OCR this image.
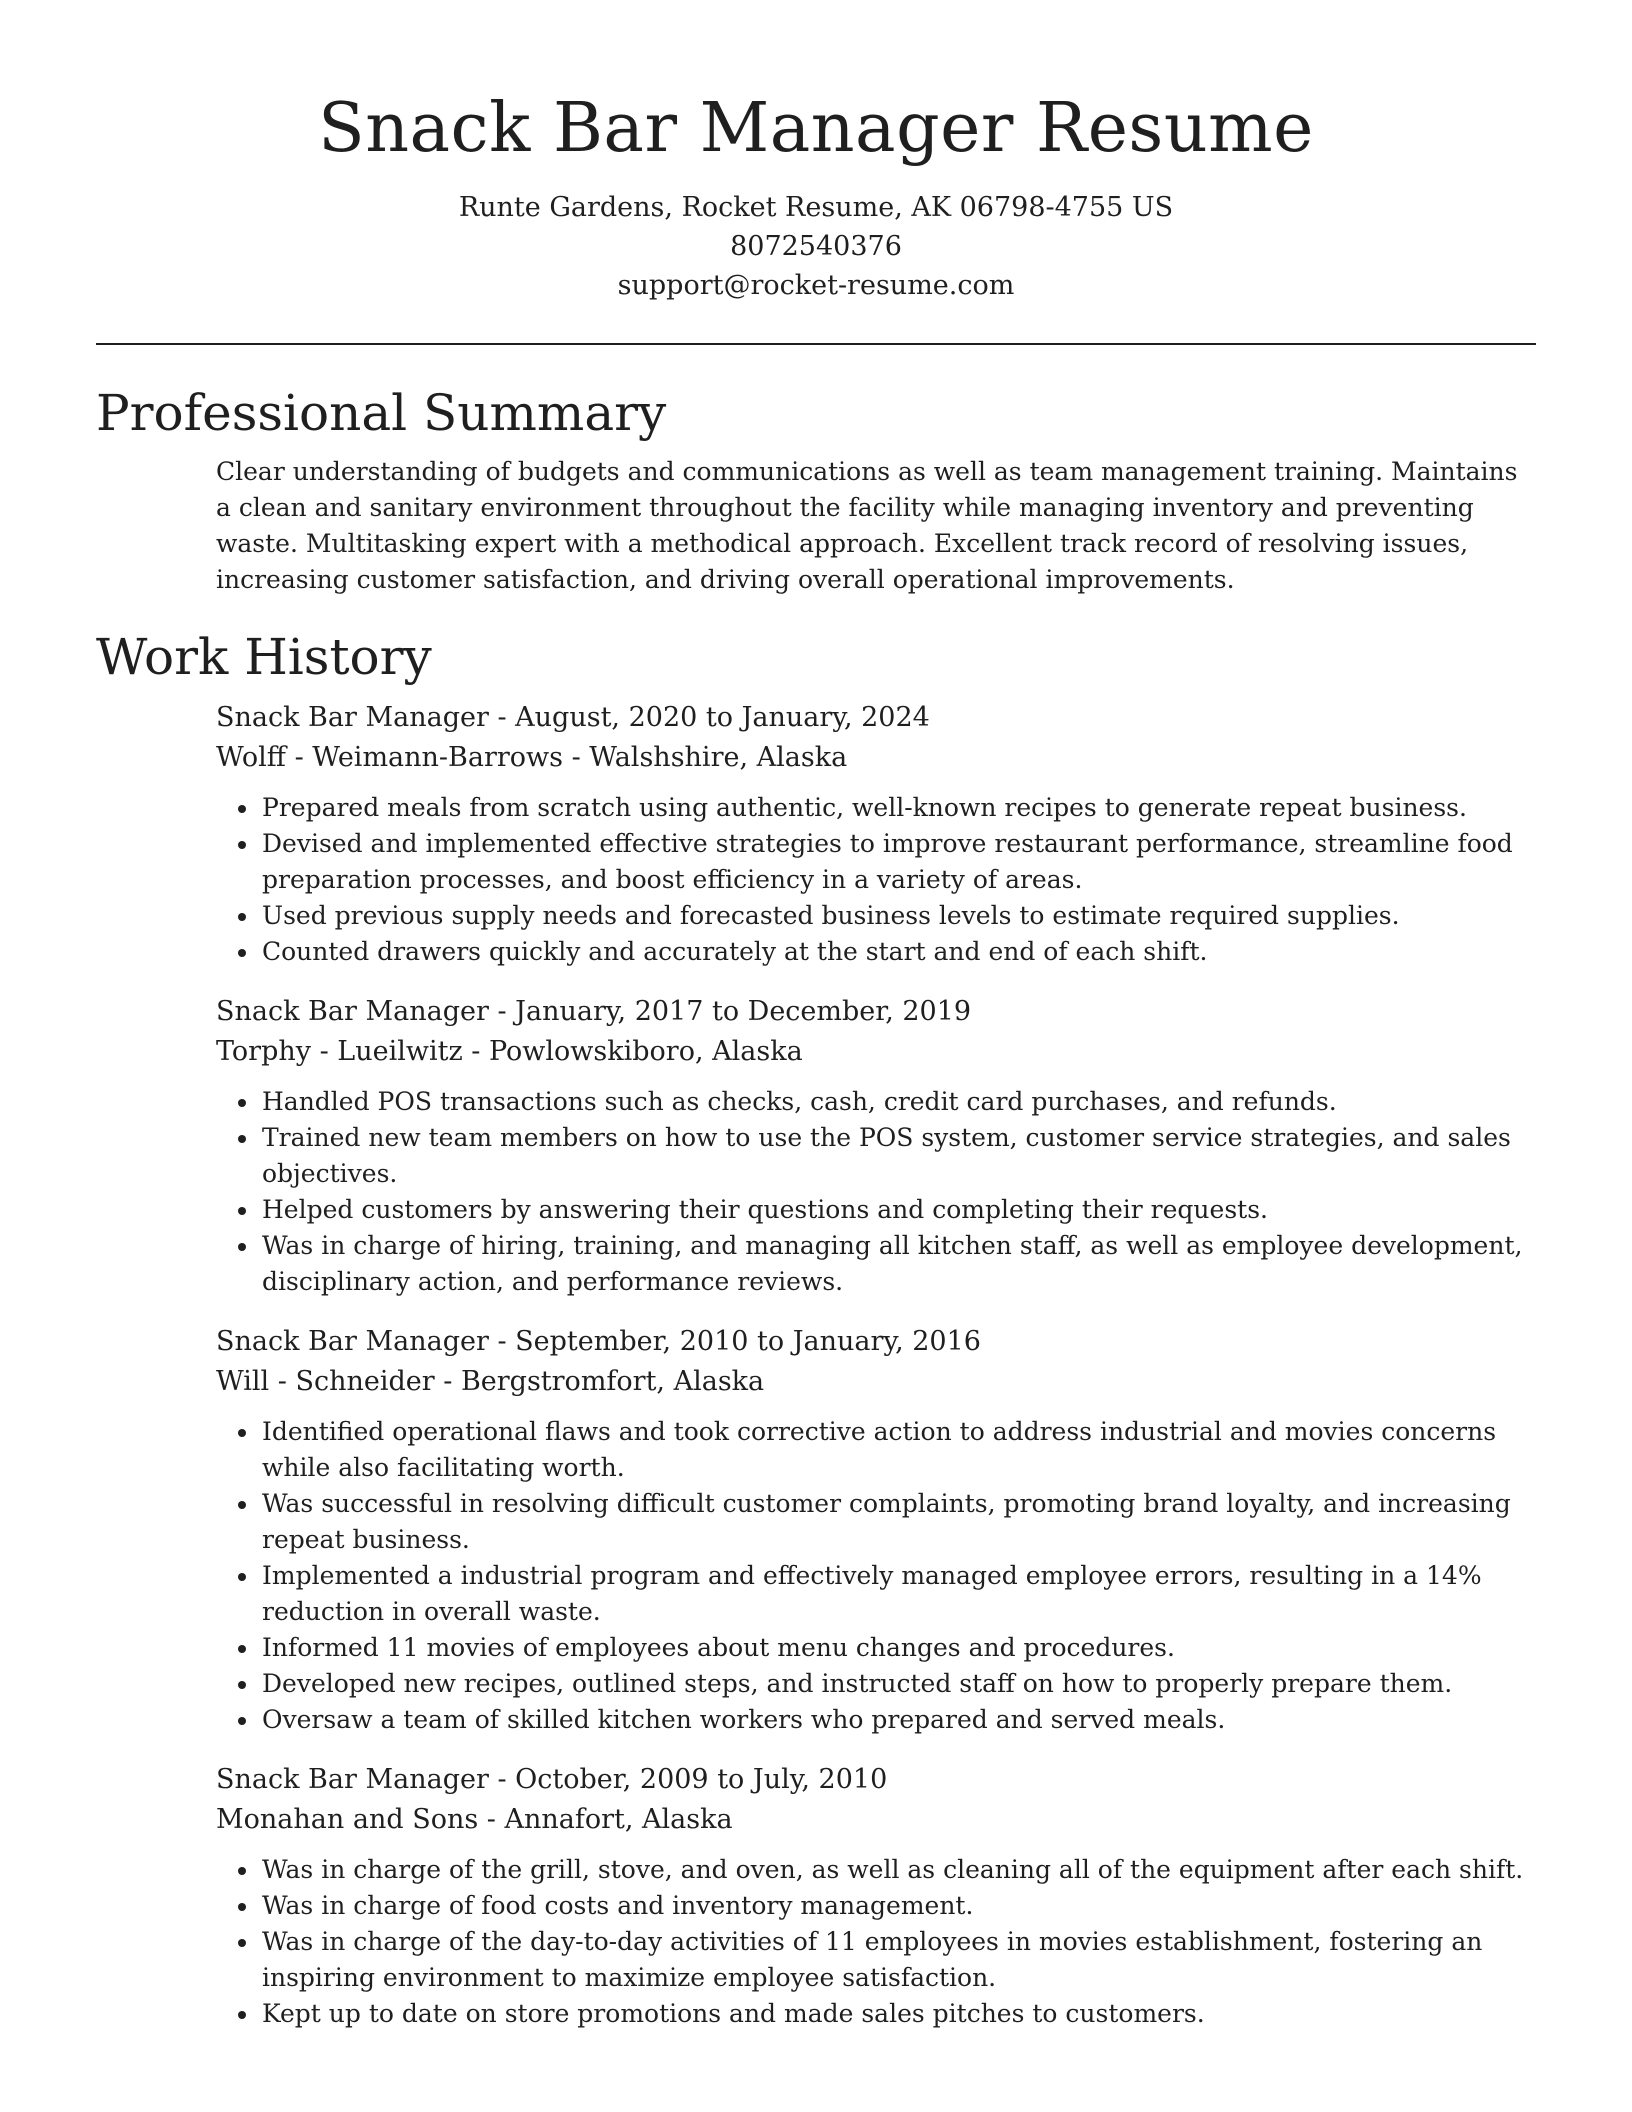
Snack Bar Manager Resume
Runte Gardens, Rocket Resume, AK 06798-4755 US
8072540376
support@rocket-resume.com
Professional Summary
Clear understanding of budgets and communications as well as team management training. Maintains a clean and sanitary environment throughout the facility while managing inventory and preventing waste. Multitasking expert with a methodical approach. Excellent track record of resolving issues, increasing customer satisfaction, and driving overall operational improvements.
Work History
Snack Bar Manager - August, 2020 to January, 2024
Wolff - Weimann-Barrows - Walshshire, Alaska
• Prepared meals from scratch using authentic, well-known recipes to generate repeat business.
• Devised and implemented effective strategies to improve restaurant performance, streamline food preparation processes, and boost efficiency in a variety of areas.
• Used previous supply needs and forecasted business levels to estimate required supplies.
• Counted drawers quickly and accurately at the start and end of each shift.
Snack Bar Manager - January, 2017 to December, 2019
Torphy - Lueilwitz - Powlowskiboro, Alaska
• Handled POS transactions such as checks, cash, credit card purchases, and refunds.
• Trained new team members on how to use the POS system, customer service strategies, and sales objectives.
• Helped customers by answering their questions and completing their requests.
• Was in charge of hiring, training, and managing all kitchen staff, as well as employee development, disciplinary action, and performance reviews.
Snack Bar Manager - September, 2010 to January, 2016
Will - Schneider - Bergstromfort, Alaska
• Identified operational flaws and took corrective action to address industrial and movies concerns while also facilitating worth.
• Was successful in resolving difficult customer complaints, promoting brand loyalty, and increasing repeat business.
• Implemented a industrial program and effectively managed employee errors, resulting in a 14% reduction in overall waste.
• Informed 11 movies of employees about menu changes and procedures.
• Developed new recipes, outlined steps, and instructed staff on how to properly prepare them.
• Oversaw a team of skilled kitchen workers who prepared and served meals.
Snack Bar Manager - October, 2009 to July, 2010
Monahan and Sons - Annafort, Alaska
• Was in charge of the grill, stove, and oven, as well as cleaning all of the equipment after each shift.
• Was in charge of food costs and inventory management.
• Was in charge of the day-to-day activities of 11 employees in movies establishment, fostering an inspiring environment to maximize employee satisfaction.
• Kept up to date on store promotions and made sales pitches to customers.
